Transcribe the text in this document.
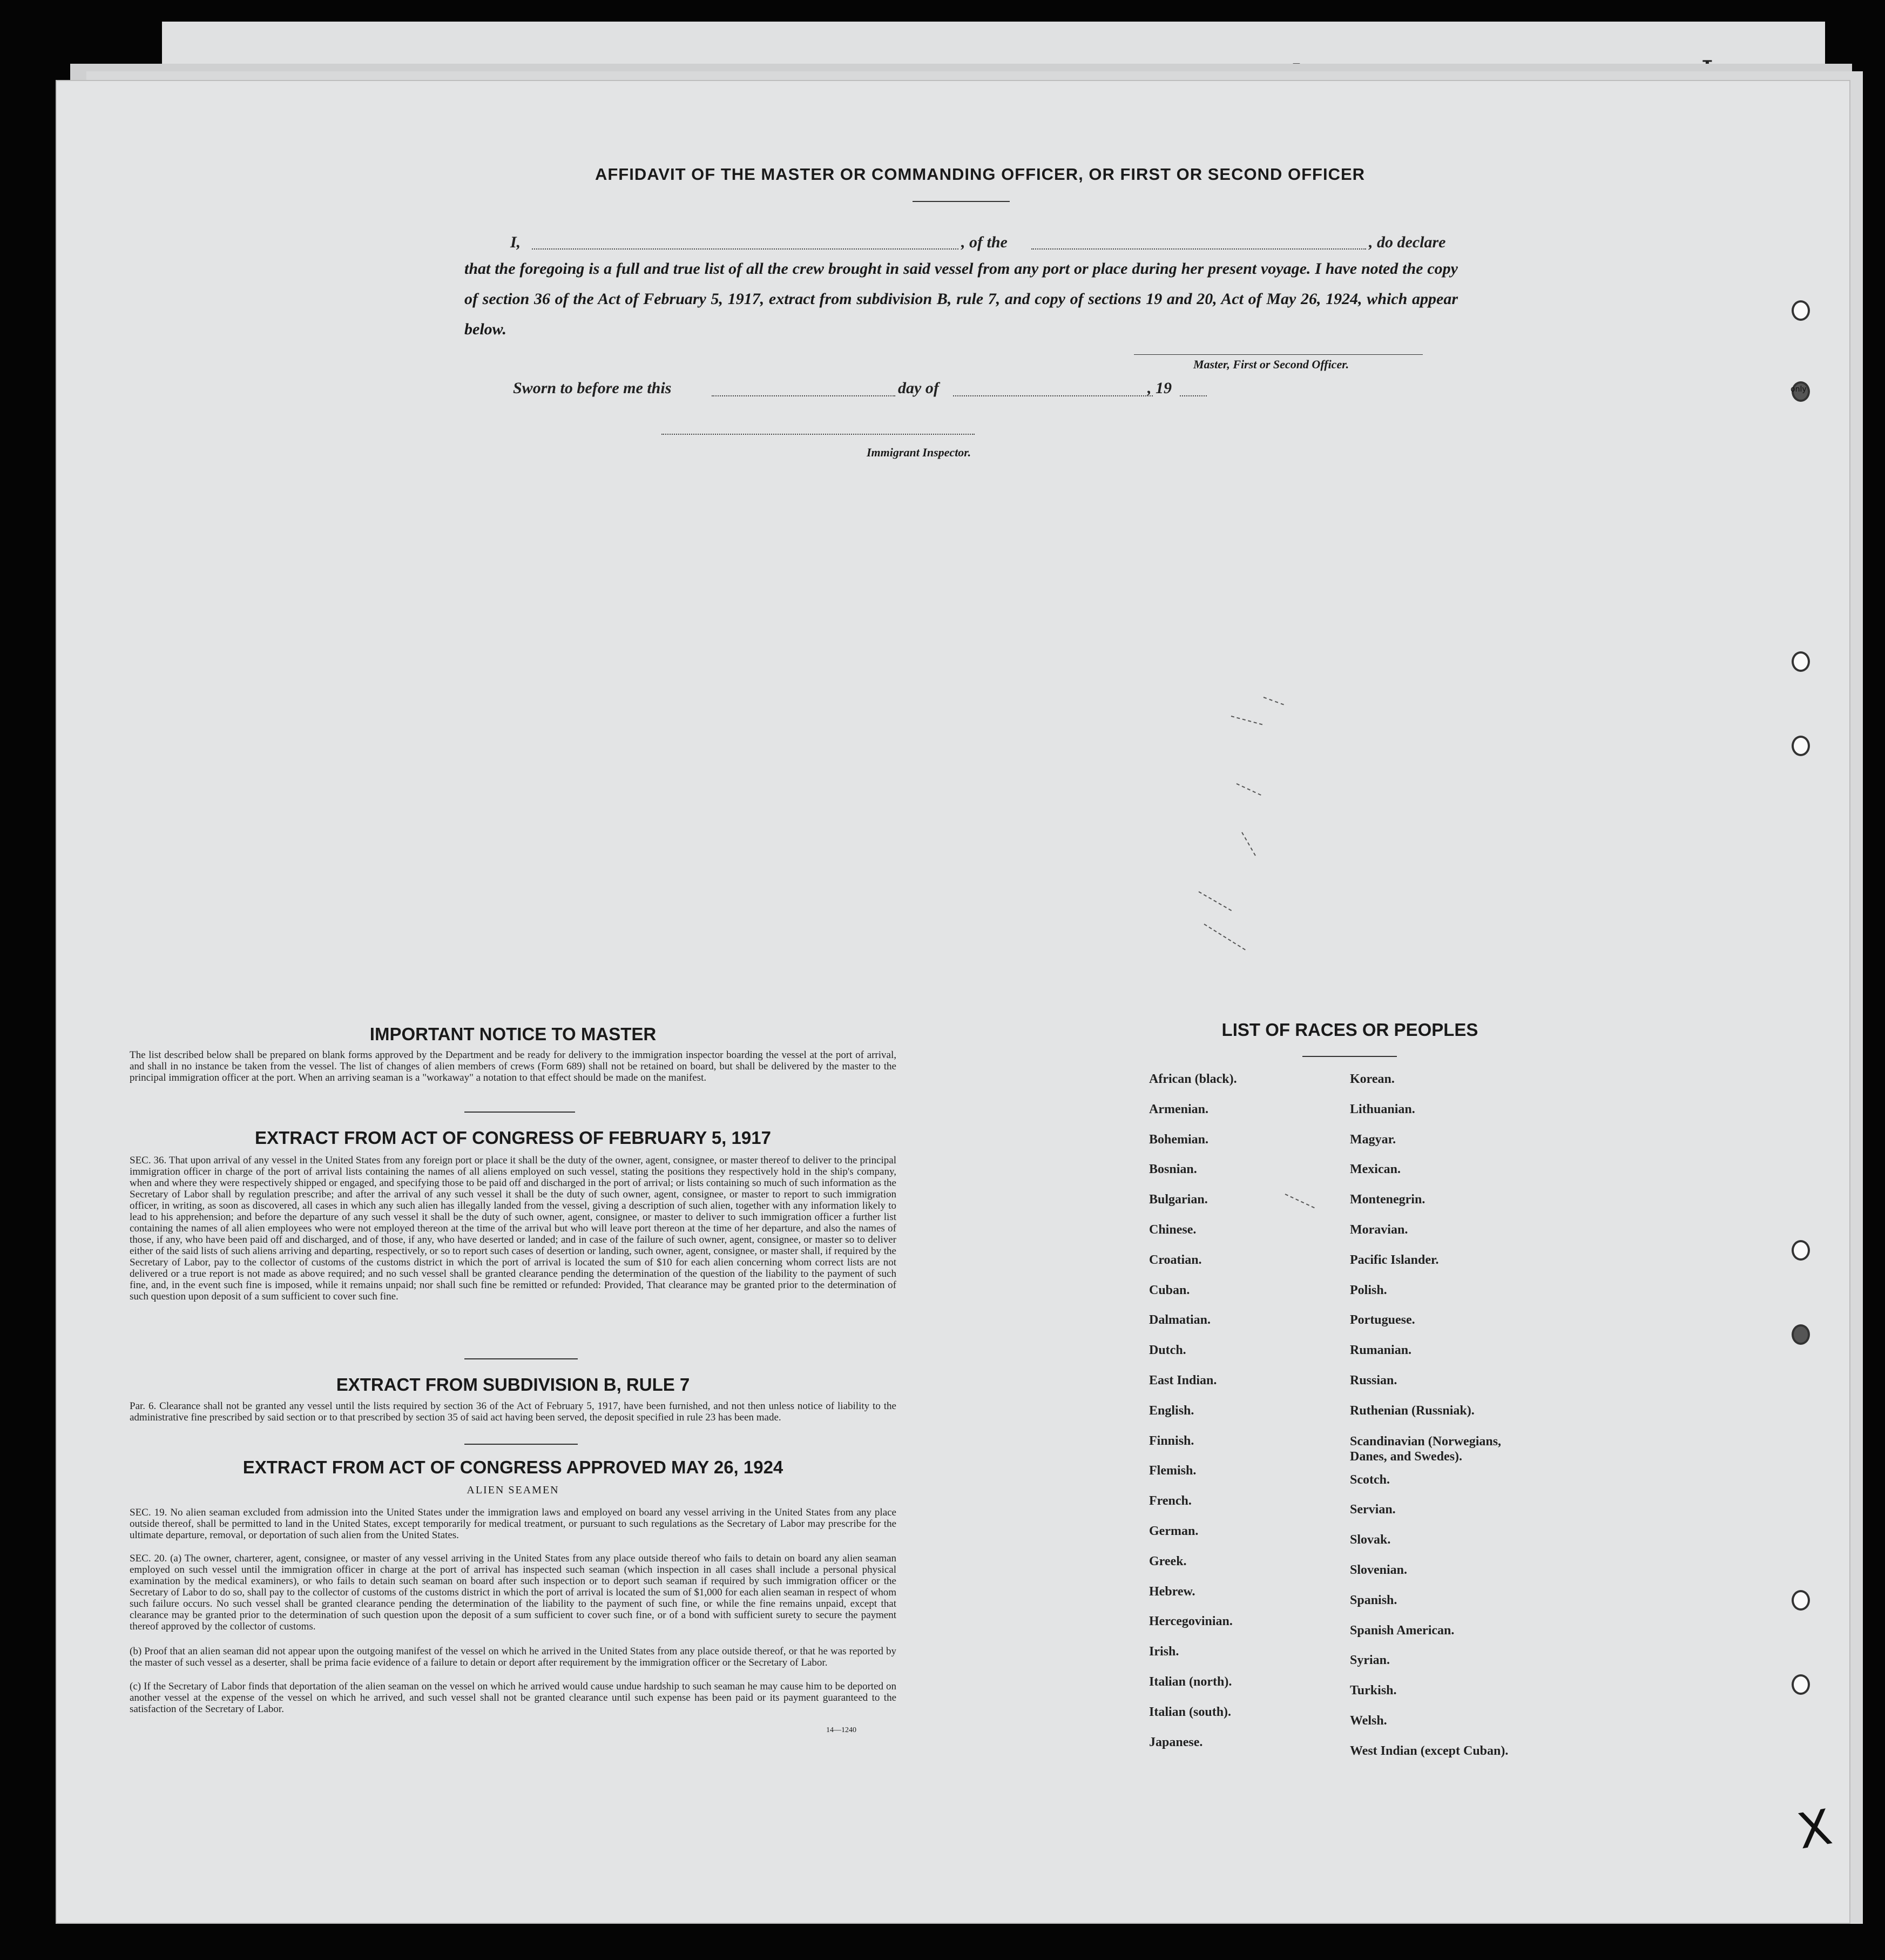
only
X
AFFIDAVIT OF THE MASTER OR COMMANDING OFFICER, OR FIRST OR SECOND OFFICER
I,	, of the	, do declare
that the foregoing is a full and true list of all the crew brought in said vessel from any port or place during her present voyage. I have noted the copy of section 36 of the Act of February 5, 1917, extract from subdivision B, rule 7, and copy of sections 19 and 20, Act of May 26, 1924, which appear below.
Master, First or Second Officer.
Sworn to before me this	day of	, 19
Immigrant Inspector.
IMPORTANT NOTICE TO MASTER
The list described below shall be prepared on blank forms approved by the Department and be ready for delivery to the immigration inspector boarding the vessel at the port of arrival, and shall in no instance be taken from the vessel. The list of changes of alien members of crews (Form 689) shall not be retained on board, but shall be delivered by the master to the principal immigration officer at the port. When an arriving seaman is a "workaway" a notation to that effect should be made on the manifest.
EXTRACT FROM ACT OF CONGRESS OF FEBRUARY 5, 1917
SEC. 36. That upon arrival of any vessel in the United States from any foreign port or place it shall be the duty of the owner, agent, consignee, or master thereof to deliver to the principal immigration officer in charge of the port of arrival lists containing the names of all aliens employed on such vessel, stating the positions they respectively hold in the ship's company, when and where they were respectively shipped or engaged, and specifying those to be paid off and discharged in the port of arrival; or lists containing so much of such information as the Secretary of Labor shall by regulation prescribe; and after the arrival of any such vessel it shall be the duty of such owner, agent, consignee, or master to report to such immigration officer, in writing, as soon as discovered, all cases in which any such alien has illegally landed from the vessel, giving a description of such alien, together with any information likely to lead to his apprehension; and before the departure of any such vessel it shall be the duty of such owner, agent, consignee, or master to deliver to such immigration officer a further list containing the names of all alien employees who were not employed thereon at the time of the arrival but who will leave port thereon at the time of her departure, and also the names of those, if any, who have been paid off and discharged, and of those, if any, who have deserted or landed; and in case of the failure of such owner, agent, consignee, or master so to deliver either of the said lists of such aliens arriving and departing, respectively, or so to report such cases of desertion or landing, such owner, agent, consignee, or master shall, if required by the Secretary of Labor, pay to the collector of customs of the customs district in which the port of arrival is located the sum of $10 for each alien concerning whom correct lists are not delivered or a true report is not made as above required; and no such vessel shall be granted clearance pending the determination of the question of the liability to the payment of such fine, and, in the event such fine is imposed, while it remains unpaid; nor shall such fine be remitted or refunded: Provided, That clearance may be granted prior to the determination of such question upon deposit of a sum sufficient to cover such fine.
EXTRACT FROM SUBDIVISION B, RULE 7
Par. 6. Clearance shall not be granted any vessel until the lists required by section 36 of the Act of February 5, 1917, have been furnished, and not then unless notice of liability to the administrative fine prescribed by said section or to that prescribed by section 35 of said act having been served, the deposit specified in rule 23 has been made.
EXTRACT FROM ACT OF CONGRESS APPROVED MAY 26, 1924
ALIEN SEAMEN
SEC. 19. No alien seaman excluded from admission into the United States under the immigration laws and employed on board any vessel arriving in the United States from any place outside thereof, shall be permitted to land in the United States, except temporarily for medical treatment, or pursuant to such regulations as the Secretary of Labor may prescribe for the ultimate departure, removal, or deportation of such alien from the United States.
SEC. 20. (a) The owner, charterer, agent, consignee, or master of any vessel arriving in the United States from any place outside thereof who fails to detain on board any alien seaman employed on such vessel until the immigration officer in charge at the port of arrival has inspected such seaman (which inspection in all cases shall include a personal physical examination by the medical examiners), or who fails to detain such seaman on board after such inspection or to deport such seaman if required by such immigration officer or the Secretary of Labor to do so, shall pay to the collector of customs of the customs district in which the port of arrival is located the sum of $1,000 for each alien seaman in respect of whom such failure occurs. No such vessel shall be granted clearance pending the determination of the liability to the payment of such fine, or while the fine remains unpaid, except that clearance may be granted prior to the determination of such question upon the deposit of a sum sufficient to cover such fine, or of a bond with sufficient surety to secure the payment thereof approved by the collector of customs.
(b) Proof that an alien seaman did not appear upon the outgoing manifest of the vessel on which he arrived in the United States from any place outside thereof, or that he was reported by the master of such vessel as a deserter, shall be prima facie evidence of a failure to detain or deport after requirement by the immigration officer or the Secretary of Labor.
(c) If the Secretary of Labor finds that deportation of the alien seaman on the vessel on which he arrived would cause undue hardship to such seaman he may cause him to be deported on another vessel at the expense of the vessel on which he arrived, and such vessel shall not be granted clearance until such expense has been paid or its payment guaranteed to the satisfaction of the Secretary of Labor.
14—1240
LIST OF RACES OR PEOPLES
African (black).
Armenian.
Bohemian.
Bosnian.
Bulgarian.
Chinese.
Croatian.
Cuban.
Dalmatian.
Dutch.
East Indian.
English.
Finnish.
Flemish.
French.
German.
Greek.
Hebrew.
Hercegovinian.
Irish.
Italian (north).
Italian (south).
Japanese.
Korean.
Lithuanian.
Magyar.
Mexican.
Montenegrin.
Moravian.
Pacific Islander.
Polish.
Portuguese.
Rumanian.
Russian.
Ruthenian (Russniak).
Scandinavian (Norwegians,
Danes, and Swedes).
Scotch.
Servian.
Slovak.
Slovenian.
Spanish.
Spanish American.
Syrian.
Turkish.
Welsh.
West Indian (except Cuban).
